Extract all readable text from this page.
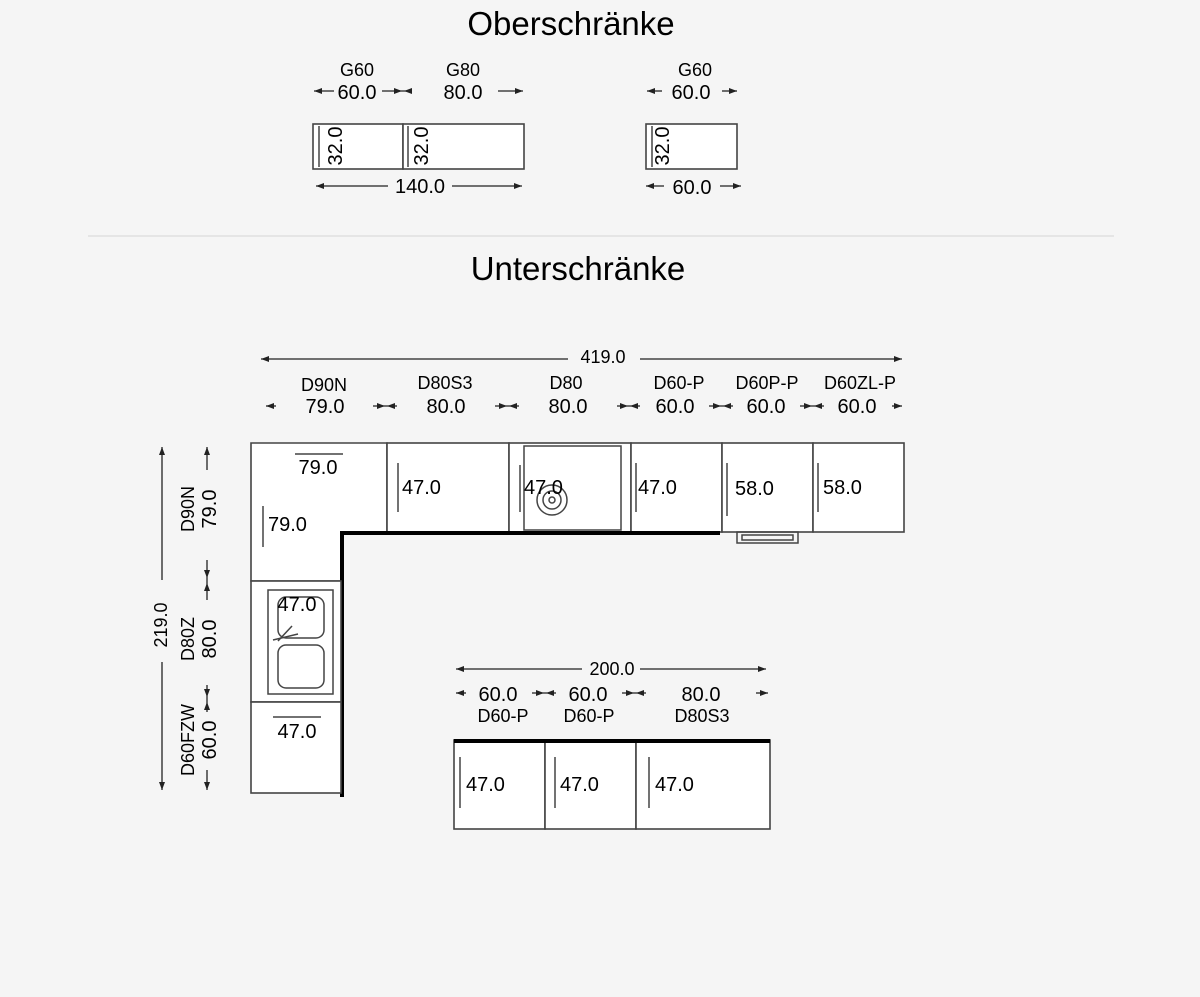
Oberschränke
G60
60.0
G80
80.0
32.0	32.0
140.0
G60
60.0
32.0
60.0
Unterschränke
419.0
D90N	D80S3	D80	D60-P D60P-P D60ZL-P
79.0	80.0	80.0	60.0	60.0	60.0
79.0
79.0
47.0	47.0	47.0	58.0 58.0
47.0
47.0
219.0
D90N 79.0
D80Z 80.0
D60FZW 60.0
200.0
60.0	60.0	80.0
D60-P D60-P	D80S3
47.0	47.0	47.0
